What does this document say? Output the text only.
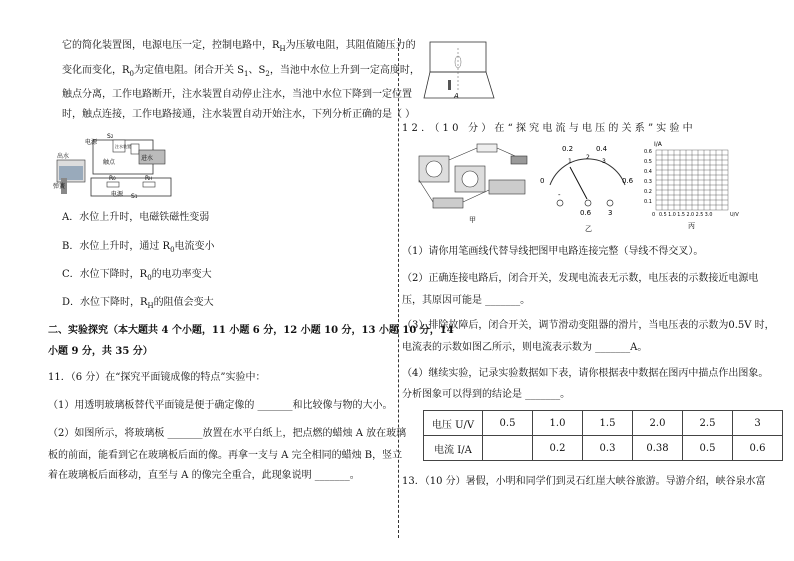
它的简化装置图，电源电压一定，控制电路中，$R_H$为压敏电阻，其阻值随压力的
变化而变化，$R_0$为定值电阻。闭合开关 $S_1$、$S_2$，当池中水位上升到一定高度时，
触点分离，工作电路断开，注水装置自动停止注水，当池中水位下降到一定位置
时，触点连接，工作电路接通，注水装置自动开始注水，下列分析正确的是（ ）
电源
S2
注水装置
触点
进水
出水
弹簧
R0	RH
电源 S1
A．水位上升时，电磁铁磁性变弱
B．水位上升时，通过 $R_0$电流变小
C．水位下降时，$R_0$的电功率变大
D．水位下降时，$R_H$的阻值会变大
二、实验探究（本大题共 4 个小题，11 小题 6 分，12 小题 10 分，13 小题 10 分，14
小题 9 分，共 35 分）
11．（6 分）在“探究平面镜成像的特点”实验中：
（1）用透明玻璃板替代平面镜是便于确定像的 _______和比较像与物的大小。
（2）如图所示，将玻璃板 _______放置在水平白纸上，把点燃的蜡烛 A 放在玻璃
板的前面，能看到它在玻璃板后面的像。再拿一支与 A 完全相同的蜡烛 B，竖立
着在玻璃板后面移动，直至与 A 的像完全重合，此现象说明 _______。
A
12．（10 分）在“探究电流与电压的关系”实验中
甲
0
0.2	0.4
0.6
1
2
3
-
0.6 3
乙
I/A
0.6
0.5
0.4
0.3
0.2
0.1
0 0.5 1.0 1.5 2.0 2.5 3.0	U/V
丙
（1）请你用笔画线代替导线把图甲电路连接完整（导线不得交叉）。
（2）正确连接电路后，闭合开关，发现电流表无示数，电压表的示数接近电源电
压，其原因可能是 _______。
（3）排除故障后，闭合开关，调节滑动变阻器的滑片，当电压表的示数为0.5V 时，
电流表的示数如图乙所示，则电流表示数为 _______A。
（4）继续实验，记录实验数据如下表，请你根据表中数据在图丙中描点作出图象。
分析图象可以得到的结论是 _______。
电压 U/V	0.5	1.0	1.5	2.0	2.5	3
电流 I/A		0.2	0.3	0.38	0.5	0.6
13．（10 分）暑假，小明和同学们到灵石红崖大峡谷旅游。导游介绍，峡谷泉水富
